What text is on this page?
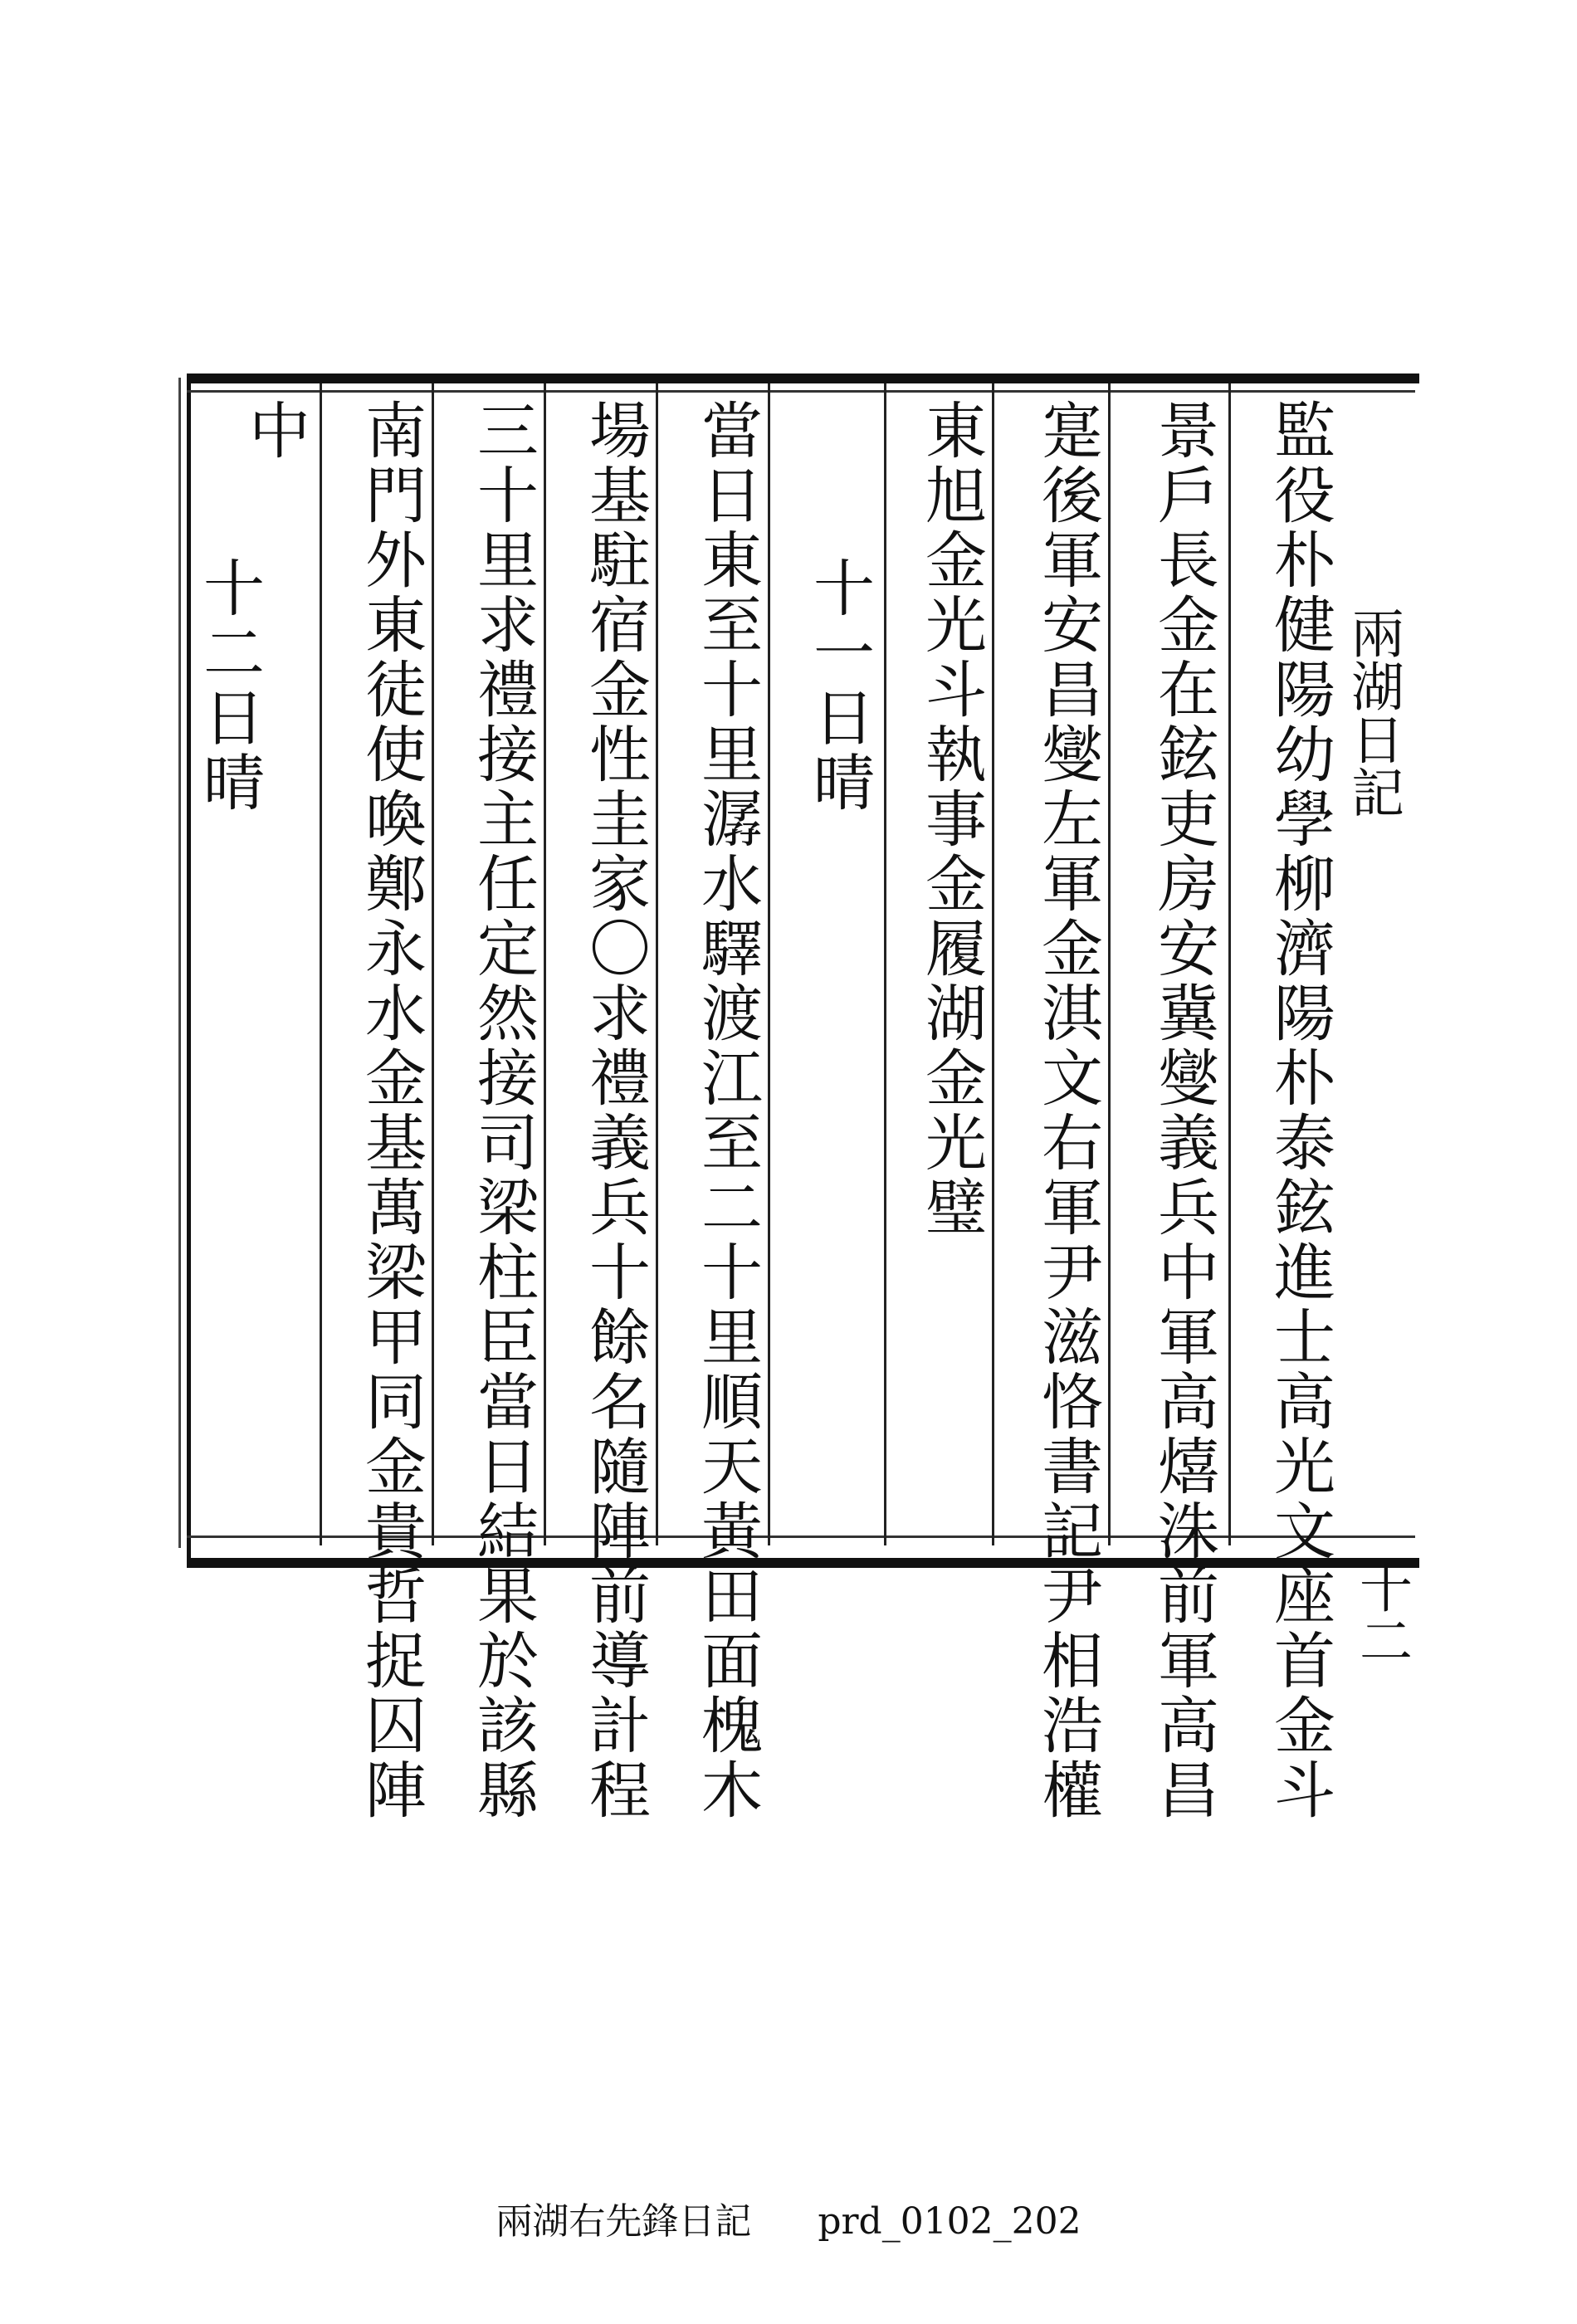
兩湖日記
十二
監役朴健陽幼學柳濟陽朴泰鉉進士高光文座首金斗
景戶長金在鉉吏房安冀燮義兵中軍高熺洙前軍高昌
寔後軍安昌燮左軍金淇文右軍尹滋恪書記尹相浩權
東旭金光斗執事金履湖金光璧
十一日晴
當日東至十里潺水驛渡江至二十里順天黃田面槐木
場基駐宿金性圭家〇求禮義兵十餘名隨陣前導計程
三十里求禮接主任定然接司梁柱臣當日結果於該縣
南門外東徒使喚鄭永水金基萬梁甲同金貴哲捉囚陣
中
十二日晴
兩湖右先鋒日記 prd_0102_202
